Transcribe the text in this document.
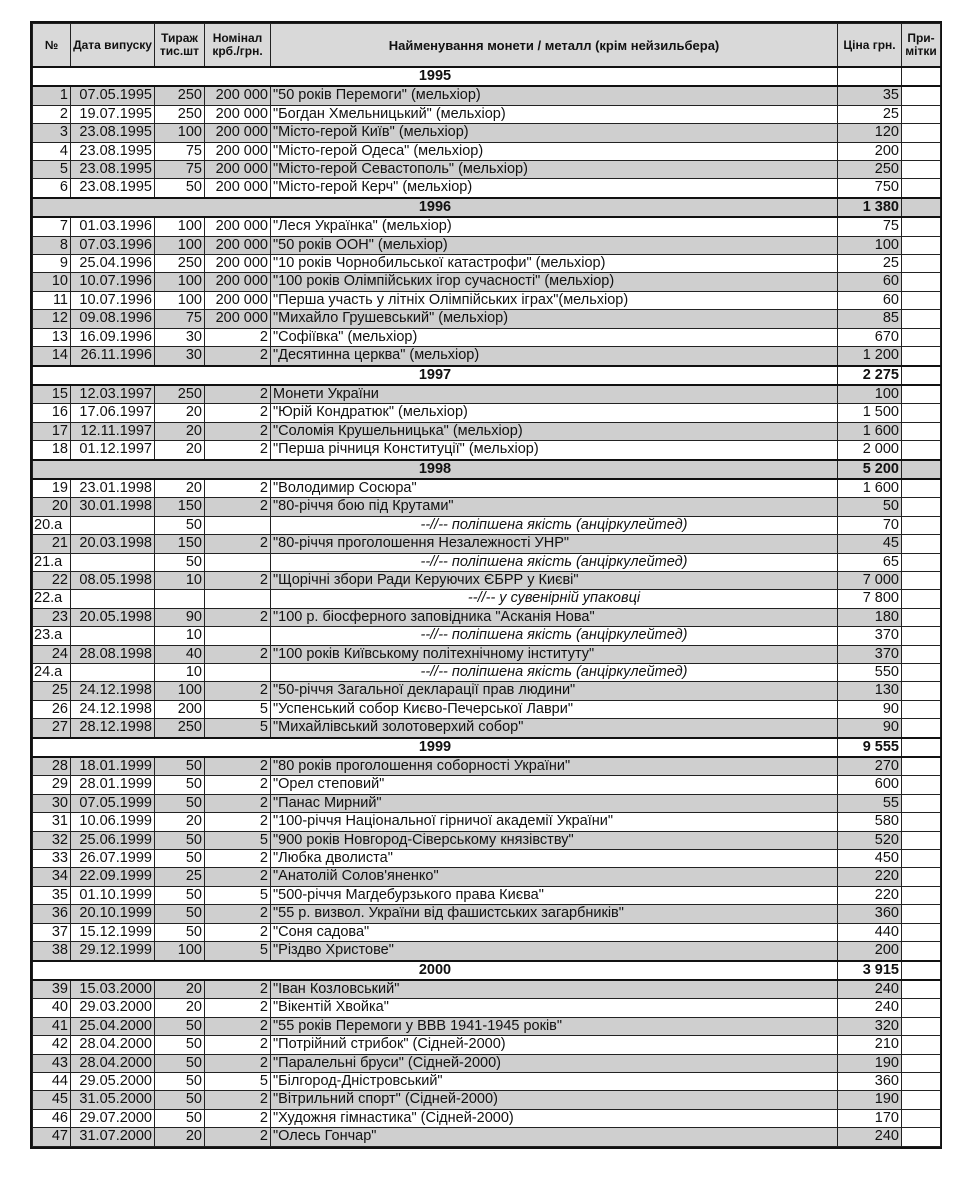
№	Дата випуску	Тираж тис.шт	Номінал крб./грн.	Найменування монети / металл (крім нейзильбера)	Ціна грн.	При-мітки
1995						
1	07.05.1995	250	200 000	"50 років Перемоги" (мельхіор)	35	
2	19.07.1995	250	200 000	"Богдан Хмельницький" (мельхіор)	25	
3	23.08.1995	100	200 000	"Місто-герой Київ" (мельхіор)	120	
4	23.08.1995	75	200 000	"Місто-герой Одеса" (мельхіор)	200	
5	23.08.1995	75	200 000	"Місто-герой Севастополь" (мельхіор)	250	
6	23.08.1995	50	200 000	"Місто-герой Керч" (мельхіор)	750	
1996					1 380	
7	01.03.1996	100	200 000	"Леся Українка" (мельхіор)	75	
8	07.03.1996	100	200 000	"50 років ООН" (мельхіор)	100	
9	25.04.1996	250	200 000	"10 років Чорнобильської катастрофи" (мельхіор)	25	
10	10.07.1996	100	200 000	"100 років Олімпійських ігор сучасності" (мельхіор)	60	
11	10.07.1996	100	200 000	"Перша участь у літніх Олімпійських іграх"(мельхіор)	60	
12	09.08.1996	75	200 000	"Михайло Грушевський" (мельхіор)	85	
13	16.09.1996	30	2	"Софіївка" (мельхіор)	670	
14	26.11.1996	30	2	"Десятинна церква" (мельхіор)	1 200	
1997					2 275	
15	12.03.1997	250	2	Монети України	100	
16	17.06.1997	20	2	"Юрій Кондратюк" (мельхіор)	1 500	
17	12.11.1997	20	2	"Соломія Крушельницька" (мельхіор)	1 600	
18	01.12.1997	20	2	"Перша річниця Конституції" (мельхіор)	2 000	
1998					5 200	
19	23.01.1998	20	2	"Володимир Сосюра"	1 600	
20	30.01.1998	150	2	"80-річчя бою під Крутами"	50	
20.a		50		--//-- поліпшена якість (анціркулейтед)	70	
21	20.03.1998	150	2	"80-річчя проголошення Незалежності УНР"	45	
21.a		50		--//-- поліпшена якість (анціркулейтед)	65	
22	08.05.1998	10	2	"Щорічні збори Ради Керуючих ЄБРР у Києві"	7 000	
22.a				--//-- у сувенірній упаковці	7 800	
23	20.05.1998	90	2	"100 р. біосферного заповідника "Асканія Нова"	180	
23.a		10		--//-- поліпшена якість (анціркулейтед)	370	
24	28.08.1998	40	2	"100 років Київському політехнічному інституту"	370	
24.a		10		--//-- поліпшена якість (анціркулейтед)	550	
25	24.12.1998	100	2	"50-річчя Загальної декларації прав людини"	130	
26	24.12.1998	200	5	"Успенський собор Києво-Печерської Лаври"	90	
27	28.12.1998	250	5	"Михайлівський золотоверхий собор"	90	
1999					9 555	
28	18.01.1999	50	2	"80 років проголошення соборності України"	270	
29	28.01.1999	50	2	"Орел степовий"	600	
30	07.05.1999	50	2	"Панас Мирний"	55	
31	10.06.1999	20	2	"100-річчя Національної гірничої академії України"	580	
32	25.06.1999	50	5	"900 років Новгород-Сіверському князівству"	520	
33	26.07.1999	50	2	"Любка дволиста"	450	
34	22.09.1999	25	2	"Анатолій Солов'яненко"	220	
35	01.10.1999	50	5	"500-річчя Магдебурзького права Києва"	220	
36	20.10.1999	50	2	"55 р. визвол. України від фашистських загарбників"	360	
37	15.12.1999	50	2	"Соня садова"	440	
38	29.12.1999	100	5	"Різдво Христове"	200	
2000					3 915	
39	15.03.2000	20	2	"Іван Козловський"	240	
40	29.03.2000	20	2	"Вікентій Хвойка"	240	
41	25.04.2000	50	2	"55 років Перемоги у ВВВ 1941-1945 років"	320	
42	28.04.2000	50	2	"Потрійний стрибок" (Сідней-2000)	210	
43	28.04.2000	50	2	"Паралельні бруси" (Сідней-2000)	190	
44	29.05.2000	50	5	"Білгород-Дністровський"	360	
45	31.05.2000	50	2	"Вітрильний спорт" (Сідней-2000)	190	
46	29.07.2000	50	2	"Художня гімнастика" (Сідней-2000)	170	
47	31.07.2000	20	2	"Олесь Гончар"	240	
